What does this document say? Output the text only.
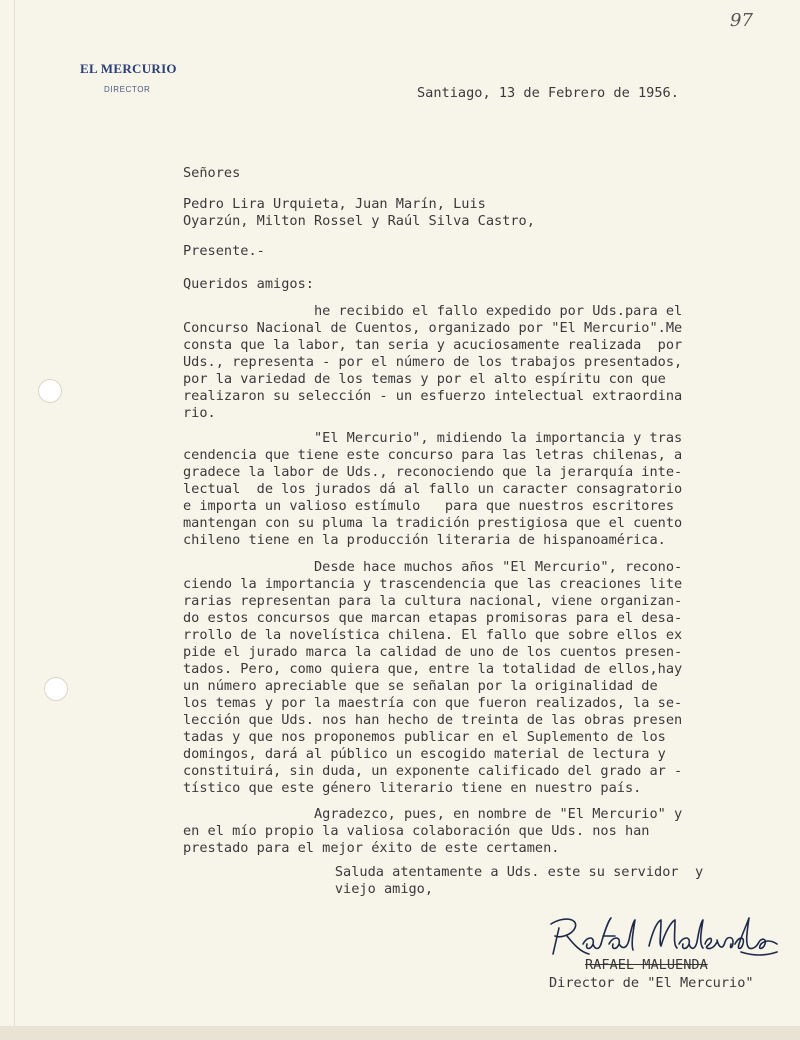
97
EL MERCURIO
DIRECTOR	Santiago, 13 de Febrero de 1956.
Señores
Pedro Lira Urquieta, Juan Marín, Luis
Oyarzún, Milton Rossel y Raúl Silva Castro,
Presente.-
Queridos amigos:
he recibido el fallo expedido por Uds.para el
Concurso Nacional de Cuentos, organizado por "El Mercurio".Me
consta que la labor, tan seria y acuciosamente realizada  por
Uds., representa - por el número de los trabajos presentados,
por la variedad de los temas y por el alto espíritu con que
realizaron su selección - un esfuerzo intelectual extraordina
rio.
"El Mercurio", midiendo la importancia y tras
cendencia que tiene este concurso para las letras chilenas, a
gradece la labor de Uds., reconociendo que la jerarquía inte-
lectual  de los jurados dá al fallo un caracter consagratorio
e importa un valioso estímulo   para que nuestros escritores
mantengan con su pluma la tradición prestigiosa que el cuento
chileno tiene en la producción literaria de hispanoamérica.
Desde hace muchos años "El Mercurio", recono-
ciendo la importancia y trascendencia que las creaciones lite
rarias representan para la cultura nacional, viene organizan-
do estos concursos que marcan etapas promisoras para el desa-
rrollo de la novelística chilena. El fallo que sobre ellos ex
pide el jurado marca la calidad de uno de los cuentos presen-
tados. Pero, como quiera que, entre la totalidad de ellos,hay
un número apreciable que se señalan por la originalidad de
los temas y por la maestría con que fueron realizados, la se-
lección que Uds. nos han hecho de treinta de las obras presen
tadas y que nos proponemos publicar en el Suplemento de los
domingos, dará al público un escogido material de lectura y
constituirá, sin duda, un exponente calificado del grado ar -
tístico que este género literario tiene en nuestro país.
Agradezco, pues, en nombre de "El Mercurio" y
en el mío propio la valiosa colaboración que Uds. nos han
prestado para el mejor éxito de este certamen.
Saluda atentamente a Uds. este su servidor  y
viejo amigo,
RAFAEL MALUENDA
Director de "El Mercurio"
